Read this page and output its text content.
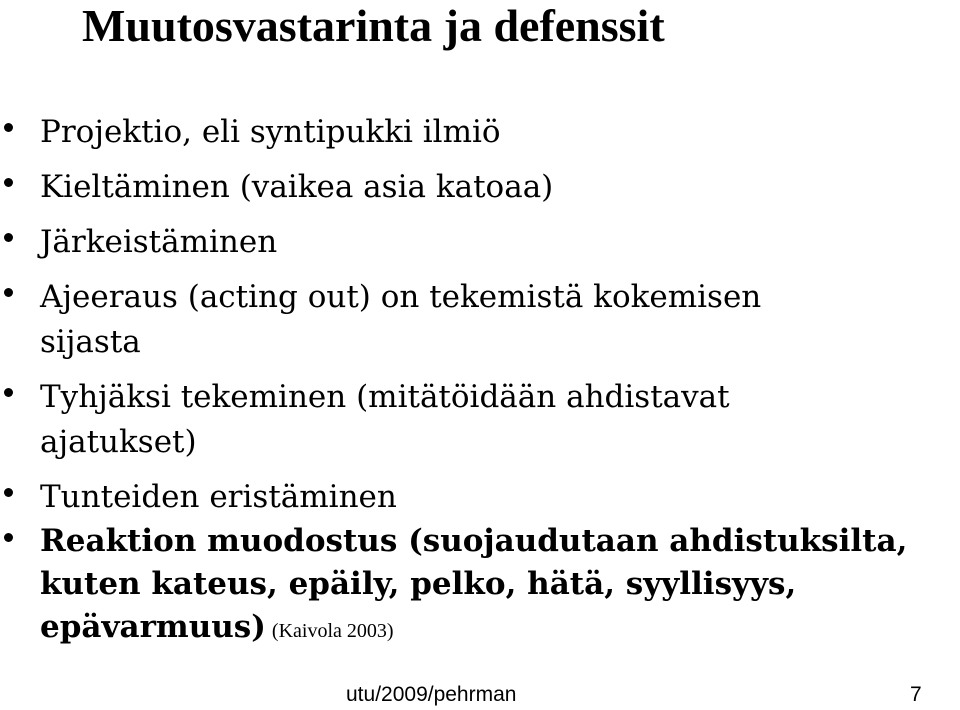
Muutosvastarinta ja defenssit
Projektio, eli syntipukki ilmiö
Kieltäminen (vaikea asia katoaa)
Järkeistäminen
Ajeeraus (acting out) on tekemistä kokemisen
sijasta
Tyhjäksi tekeminen (mitätöidään ahdistavat
ajatukset)
Tunteiden eristäminen
Reaktion muodostus (suojaudutaan ahdistuksilta,
kuten kateus, epäily, pelko, hätä, syyllisyys,
epävarmuus) (Kaivola 2003)
utu/2009/pehrman	7
